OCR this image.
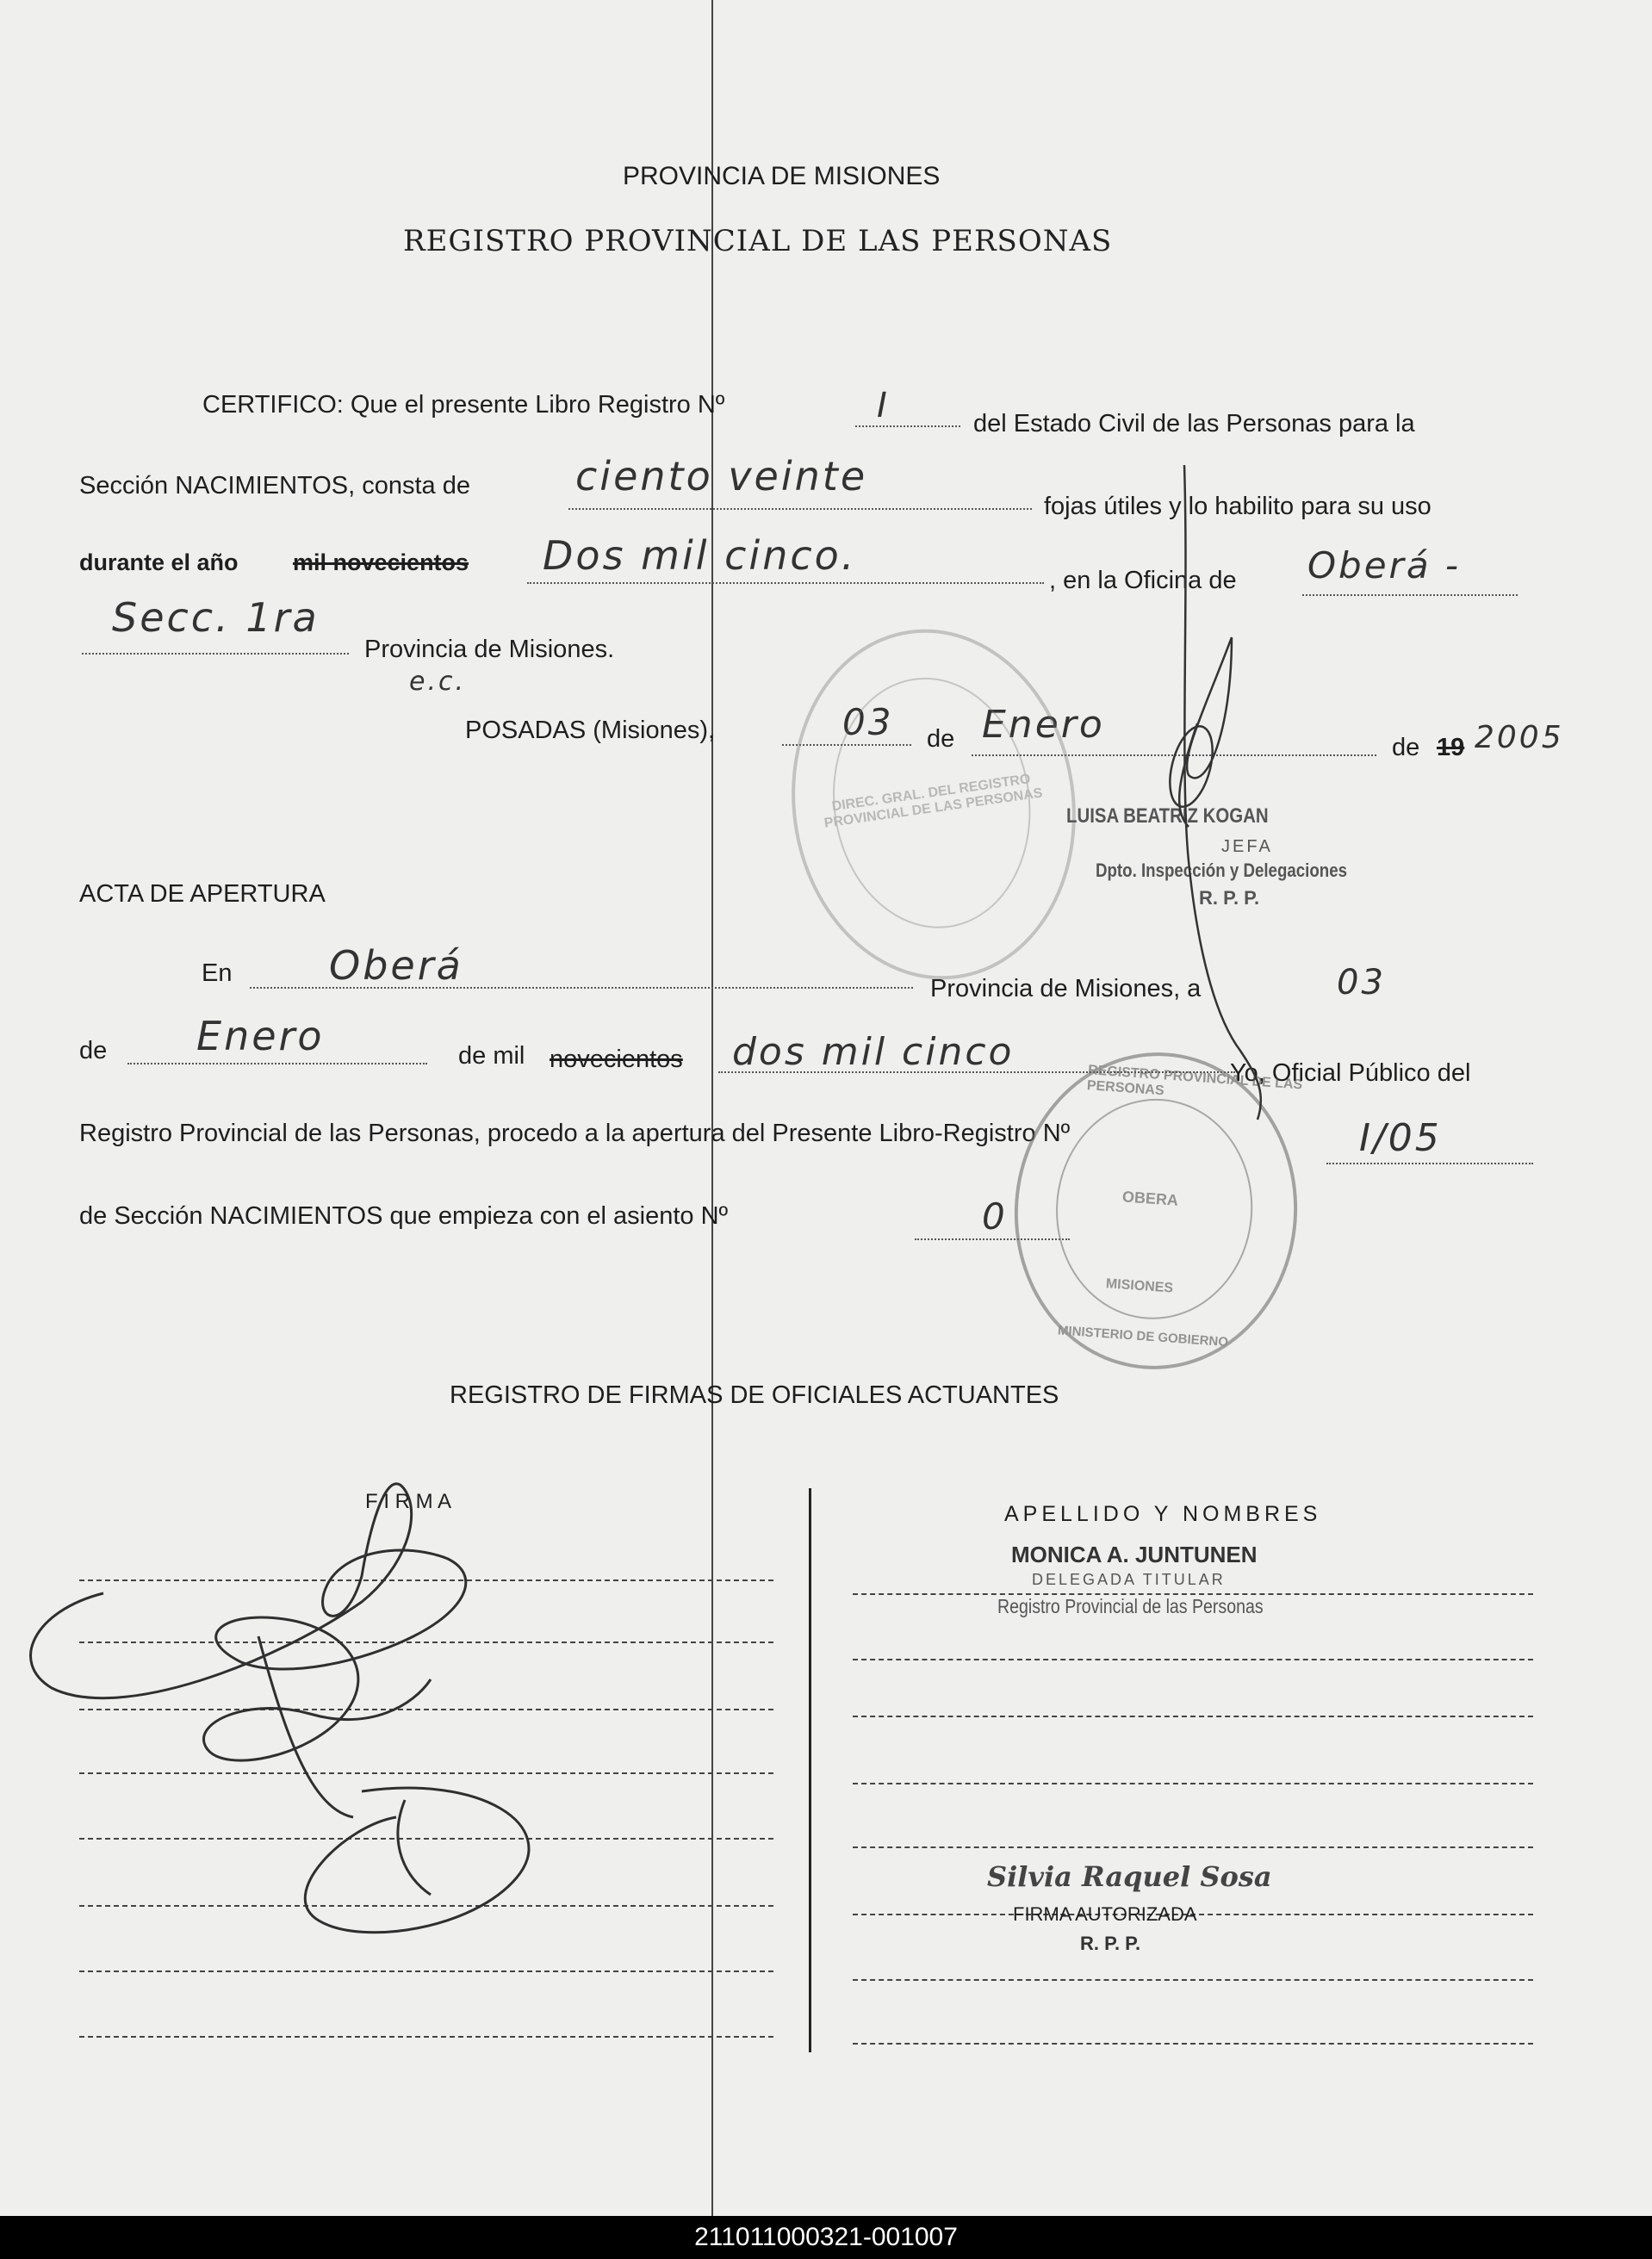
PROVINCIA DE MISIONES
REGISTRO PROVINCIAL DE LAS PERSONAS
CERTIFICO: Que el presente Libro Registro Nº	I	del Estado Civil de las Personas para la
Sección NACIMIENTOS, consta de	ciento veinte
fojas útiles y lo habilito para su uso
durante el año mil novecientos Dos mil cinco.
, en la Oficina de Oberá -
Secc. 1ra
Provincia de Misiones.
e.c.
POSADAS (Misiones),	03 de Enero
de 19 2005
LUISA BEATRIZ KOGAN
JEFA
Dpto. Inspección y Delegaciones
R. P. P.
DIREC. GRAL. DEL REGISTRO PROVINCIAL DE LAS PERSONAS
ACTA DE APERTURA
En Oberá	Provincia de Misiones, a	03
de Enero	de mil novecientos dos mil cinco	Yo, Oficial Público del
Registro Provincial de las Personas, procedo a la apertura del Presente Libro-Registro Nº	I/05
de Sección NACIMIENTOS que empieza con el asiento Nº	0
REGISTRO PROVINCIAL DE LAS PERSONAS
OBERA
MISIONES
MINISTERIO DE GOBIERNO
REGISTRO DE FIRMAS DE OFICIALES ACTUANTES
F I R M A
APELLIDO Y NOMBRES
MONICA A. JUNTUNEN
DELEGADA TITULAR
Registro Provincial de las Personas
Silvia Raquel Sosa
FIRMA AUTORIZADA
R. P. P.
211011000321-001007
